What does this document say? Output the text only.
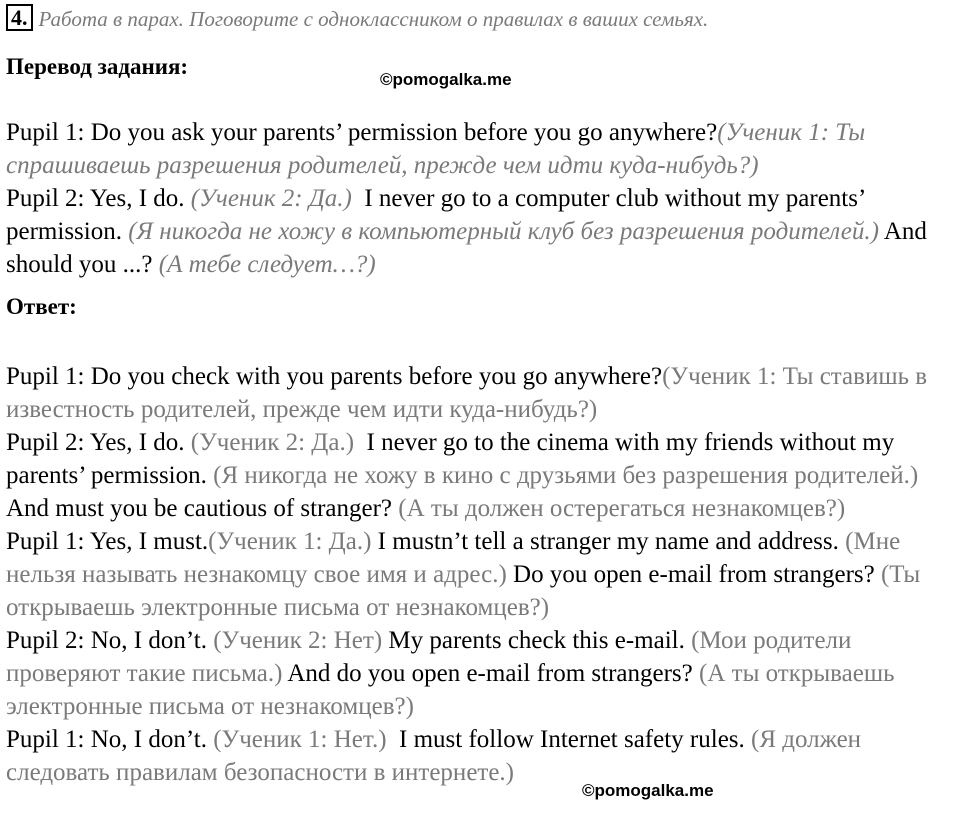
4. Работа в парах. Поговорите с одноклассником о правилах в ваших семьях.
Перевод задания:
©pomogalka.me
Pupil 1: Do you ask your parents’ permission before you go anywhere?(Ученик 1: Ты спрашиваешь разрешения родителей, прежде чем идти куда-нибудь?)
Pupil 2: Yes, I do. (Ученик 2: Да.) I never go to a computer club without my parents’ permission. (Я никогда не хожу в компьютерный клуб без разрешения родителей.) And should you ...? (А тебе следует…?)
Ответ:
Pupil 1: Do you check with you parents before you go anywhere?(Ученик 1: Ты ставишь в известность родителей, прежде чем идти куда-нибудь?)
Pupil 2: Yes, I do. (Ученик 2: Да.) I never go to the cinema with my friends without my parents’ permission. (Я никогда не хожу в кино с друзьями без разрешения родителей.) And must you be cautious of stranger? (А ты должен остерегаться незнакомцев?)
Pupil 1: Yes, I must.(Ученик 1: Да.) I mustn’t tell a stranger my name and address. (Мне нельзя называть незнакомцу свое имя и адрес.) Do you open e-mail from strangers? (Ты открываешь электронные письма от незнакомцев?)
Pupil 2: No, I don’t. (Ученик 2: Нет) My parents check this e-mail. (Мои родители проверяют такие письма.) And do you open e-mail from strangers? (А ты открываешь электронные письма от незнакомцев?)
Pupil 1: No, I don’t. (Ученик 1: Нет.) I must follow Internet safety rules. (Я должен следовать правилам безопасности в интернете.)
©pomogalka.me
